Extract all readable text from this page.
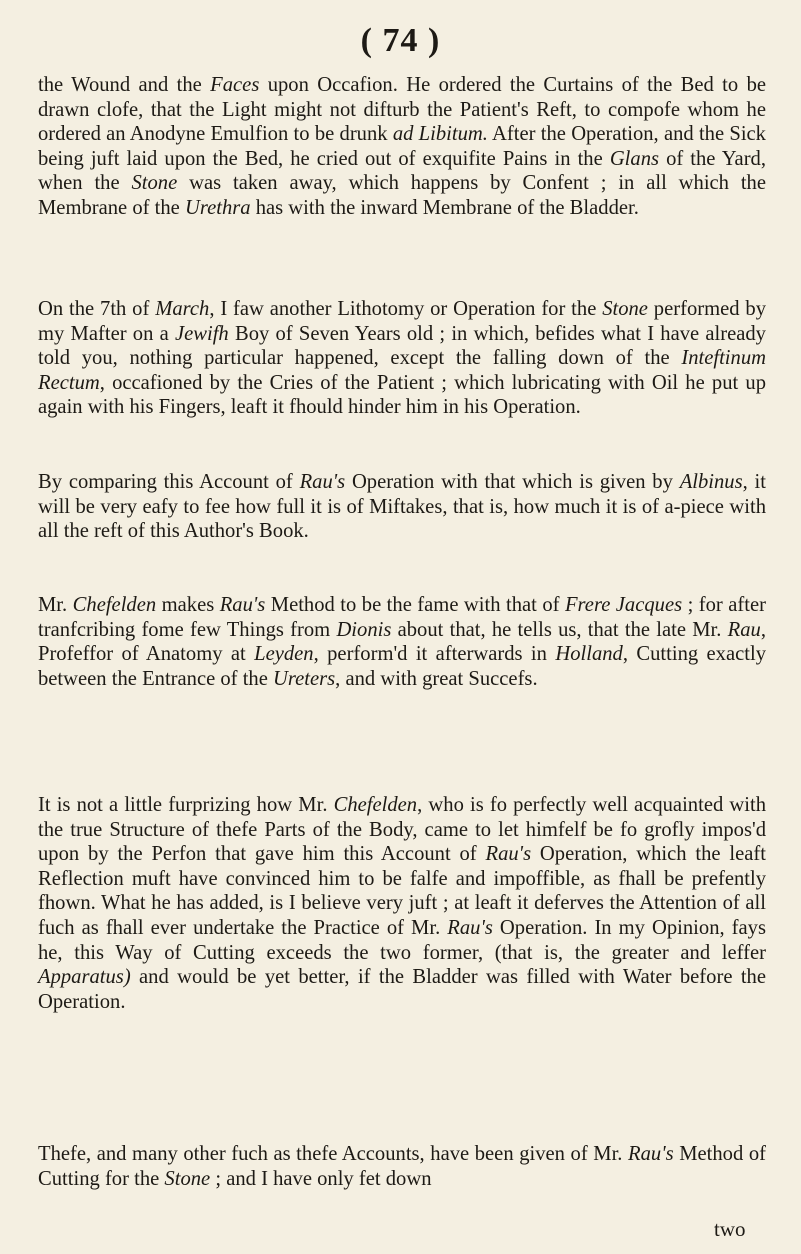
( 74 )

the Wound and the Faces upon Occafion. He ordered the Curtains of the Bed to be drawn clofe, that the Light might not difturb the Patient's Reft, to compofe whom he ordered an Anodyne Emulfion to be drunk ad Libitum. After the Operation, and the Sick being juft laid upon the Bed, he cried out of exquifite Pains in the Glans of the Yard, when the Stone was taken away, which happens by Confent ; in all which the Membrane of the Urethra has with the inward Membrane of the Bladder.

On the 7th of March, I faw another Lithotomy or Operation for the Stone performed by my Mafter on a Jewifh Boy of Seven Years old ; in which, befides what I have already told you, nothing particular happened, except the falling down of the Inteftinum Rectum, occafioned by the Cries of the Patient ; which lubricating with Oil he put up again with his Fingers, leaft it fhould hinder him in his Operation.

By comparing this Account of Rau's Operation with that which is given by Albinus, it will be very eafy to fee how full it is of Miftakes, that is, how much it is of a-piece with all the reft of this Author's Book.

Mr. Chefelden makes Rau's Method to be the fame with that of Frere Jacques ; for after tranfcribing fome few Things from Dionis about that, he tells us, that the late Mr. Rau, Profeffor of Anatomy at Leyden, perform'd it afterwards in Holland, Cutting exactly between the Entrance of the Ureters, and with great Succefs.

It is not a little furprizing how Mr. Chefelden, who is fo perfectly well acquainted with the true Structure of thefe Parts of the Body, came to let himfelf be fo grofly impos'd upon by the Perfon that gave him this Account of Rau's Operation, which the leaft Reflection muft have convinced him to be falfe and impoffible, as fhall be prefently fhown. What he has added, is I believe very juft ; at leaft it deferves the Attention of all fuch as fhall ever undertake the Practice of Mr. Rau's Operation. In my Opinion, fays he, this Way of Cutting exceeds the two former, (that is, the greater and leffer Apparatus) and would be yet better, if the Bladder was filled with Water before the Operation.

Thefe, and many other fuch as thefe Accounts, have been given of Mr. Rau's Method of Cutting for the Stone ; and I have only fet down

two
